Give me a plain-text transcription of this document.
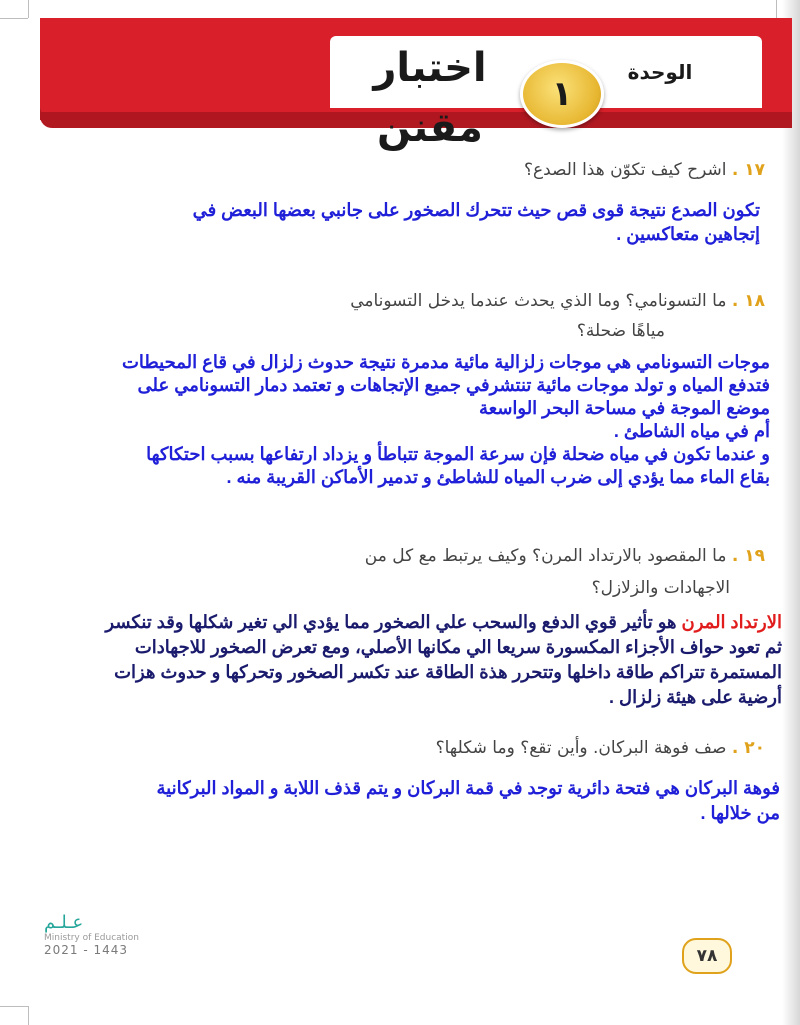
اختبار مقنن
الوحدة
١
١٧ . اشرح كيف تكوّن هذا الصدع؟
تكون الصدع نتيجة قوى قص حيث تتحرك الصخور على جانبي بعضها البعض في
إتجاهين متعاكسين .
١٨ . ما التسونامي؟ وما الذي يحدث عندما يدخل التسونامي
مياهًا ضحلة؟
موجات التسونامي هي موجات زلزالية مائية مدمرة نتيجة حدوث زلزال في قاع المحيطات
فتدفع المياه و تولد موجات مائية تنتشرفي جميع الإتجاهات و تعتمد دمار التسونامي على
موضع الموجة في مساحة البحر الواسعة
أم في مياه الشاطئ .
و عندما تكون في مياه ضحلة فإن سرعة الموجة تتباطأ و يزداد ارتفاعها بسبب احتكاكها
بقاع الماء مما يؤدي إلى ضرب المياه للشاطئ و تدمير الأماكن القريبة منه .
١٩ . ما المقصود بالارتداد المرن؟ وكيف يرتبط مع كل من
الاجهادات والزلازل؟
الارتداد المرن هو تأثير قوي الدفع والسحب علي الصخور مما يؤدي الي تغير شكلها وقد تنكسر
ثم تعود حواف الأجزاء المكسورة سريعا الي مكانها الأصلي، ومع تعرض الصخور للاجهادات
المستمرة تتراكم طاقة داخلها وتتحرر هذة الطاقة عند تكسر الصخور وتحركها و حدوث هزات
أرضية على هيئة زلزال .
٢٠ . صف فوهة البركان. وأين تقع؟ وما شكلها؟
فوهة البركان هي فتحة دائرية توجد في قمة البركان و يتم قذف اللابة و المواد البركانية
من خلالها .
عـلـم
Ministry of Education
2021 - 1443	٧٨
